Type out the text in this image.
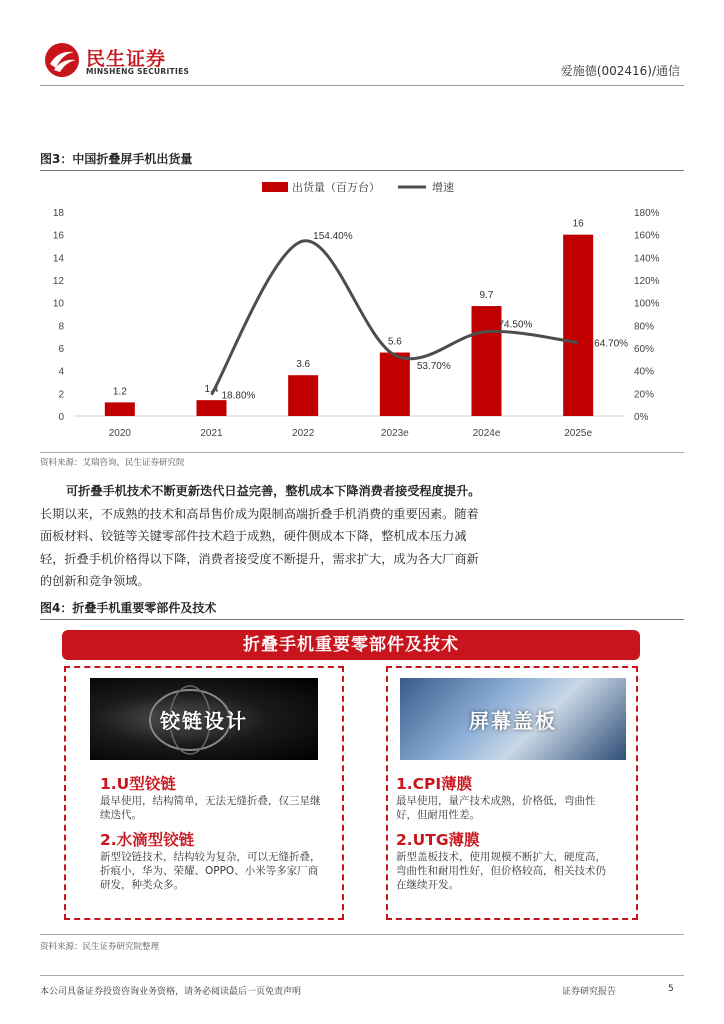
民生证券
MINSHENG SECURITIES	爱施德(002416)/通信
图3：中国折叠屏手机出货量
0
2
4
6
8
10
12
14
16
18
0%
20%
40%
60%
80%
100%
120%
140%
160%
180%
2020
1.2
2021
1.4
2022
3.6
2023e
5.6
2024e
9.7
2025e
16
18.80%
154.40%
53.70%
74.50%
64.70%
出货量（百万台）	增速
资料来源：艾瑞咨询，民生证券研究院
可折叠手机技术不断更新迭代日益完善，整机成本下降消费者接受程度提升。长期以来，不成熟的技术和高昂售价成为限制高端折叠手机消费的重要因素。随着面板材料、铰链等关键零部件技术趋于成熟，硬件侧成本下降，整机成本压力减轻，折叠手机价格得以下降，消费者接受度不断提升，需求扩大，成为各大厂商新的创新和竞争领域。
图4：折叠手机重要零部件及技术
折叠手机重要零部件及技术
铰链设计
1.U型铰链
最早使用，结构简单，无法无缝折叠，仅三星继续迭代。
2.水滴型铰链
新型铰链技术，结构较为复杂，可以无缝折叠，折痕小，华为、荣耀、OPPO、小米等多家厂商研发，种类众多。
屏幕盖板
1.CPI薄膜
最早使用，量产技术成熟，价格低，弯曲性好，但耐用性差。
2.UTG薄膜
新型盖板技术，使用规模不断扩大，硬度高，弯曲性和耐用性好，但价格较高，相关技术仍在继续开发。
资料来源：民生证券研究院整理
本公司具备证券投资咨询业务资格，请务必阅读最后一页免责声明	证券研究报告	5
